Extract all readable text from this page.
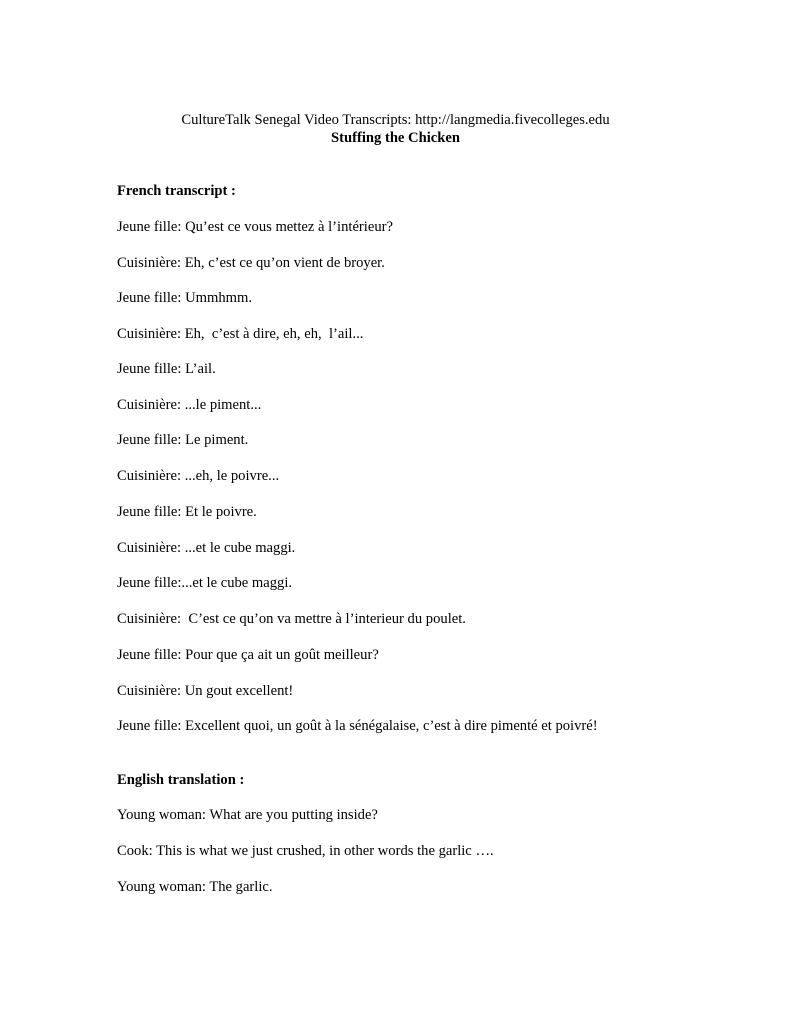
CultureTalk Senegal Video Transcripts: http://langmedia.fivecolleges.edu
Stuffing the Chicken
French transcript :
Jeune fille: Qu’est ce vous mettez à l’intérieur?
Cuisinière: Eh, c’est ce qu’on vient de broyer.
Jeune fille: Ummhmm.
Cuisinière: Eh,  c’est à dire, eh, eh,  l’ail...
Jeune fille: L’ail.
Cuisinière: ...le piment...
Jeune fille: Le piment.
Cuisinière: ...eh, le poivre...
Jeune fille: Et le poivre.
Cuisinière: ...et le cube maggi.
Jeune fille:...et le cube maggi.
Cuisinière:  C’est ce qu’on va mettre à l’interieur du poulet.
Jeune fille: Pour que ça ait un goût meilleur?
Cuisinière: Un gout excellent!
Jeune fille: Excellent quoi, un goût à la sénégalaise, c’est à dire pimenté et poivré!
English translation :
Young woman: What are you putting inside?
Cook: This is what we just crushed, in other words the garlic ….
Young woman: The garlic.
